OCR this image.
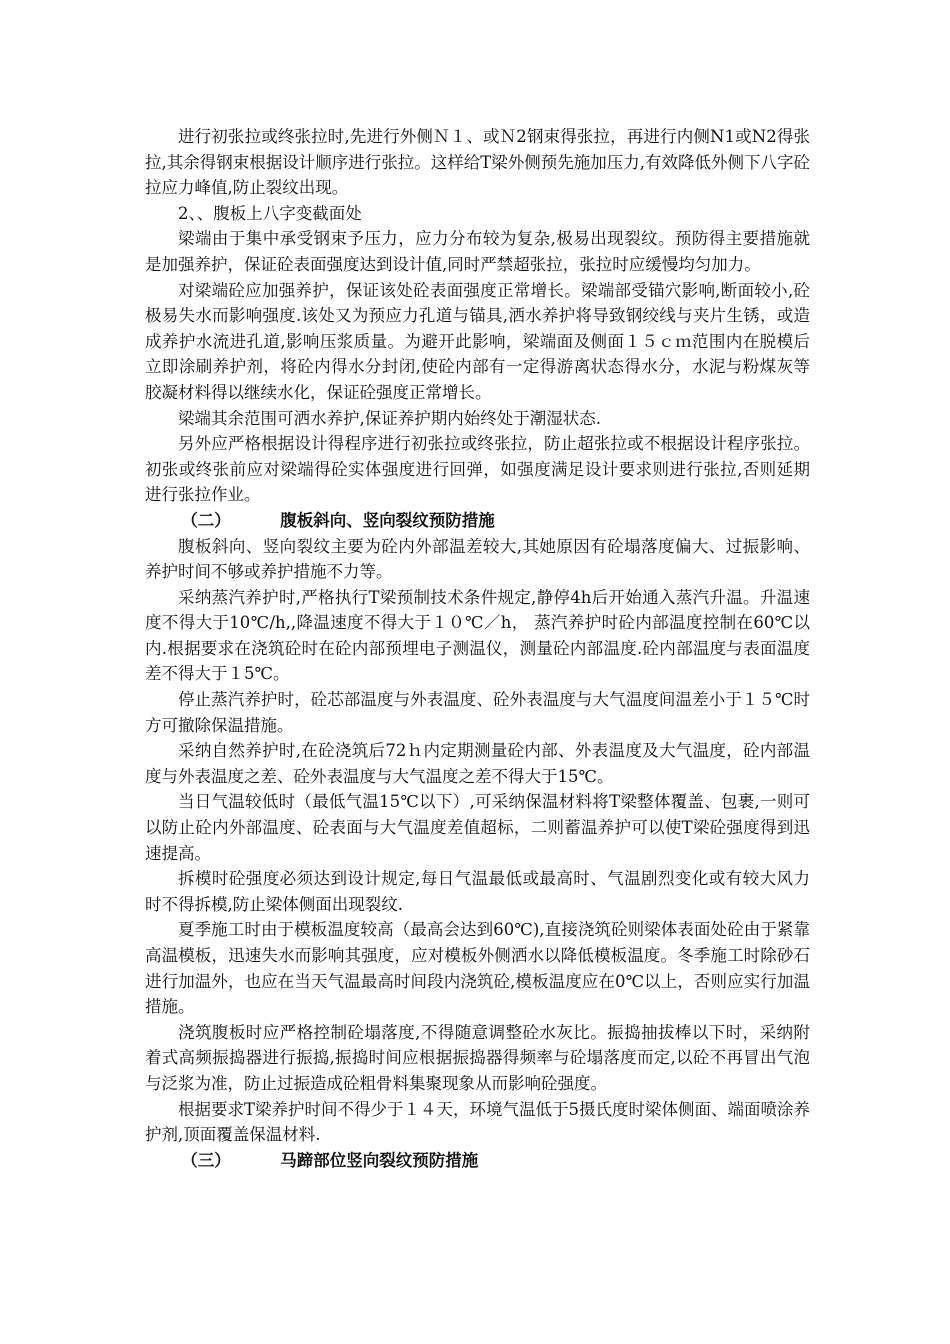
进行初张拉或终张拉时,先进行外侧Ｎ１、或Ｎ2钢束得张拉，再进行内侧N1或N2得张拉,其余得钢束根据设计顺序进行张拉。这样给T梁外侧预先施加压力,有效降低外侧下八字砼拉应力峰值,防止裂纹出现。

2、、腹板上八字变截面处

梁端由于集中承受钢束予压力，应力分布较为复杂,极易出现裂纹。预防得主要措施就是加强养护，保证砼表面强度达到设计值,同时严禁超张拉，张拉时应缓慢均匀加力。

对梁端砼应加强养护，保证该处砼表面强度正常增长。梁端部受锚穴影响,断面较小,砼极易失水而影响强度.该处又为预应力孔道与锚具,洒水养护将导致钢绞线与夹片生锈，或造成养护水流进孔道,影响压浆质量。为避开此影响，梁端面及侧面１５ｃｍ范围内在脱模后立即涂刷养护剂，将砼内得水分封闭,使砼内部有一定得游离状态得水分，水泥与粉煤灰等胶凝材料得以继续水化，保证砼强度正常增长。

梁端其余范围可洒水养护,保证养护期内始终处于潮湿状态.

另外应严格根据设计得程序进行初张拉或终张拉，防止超张拉或不根据设计程序张拉。初张或终张前应对梁端得砼实体强度进行回弹，如强度满足设计要求则进行张拉,否则延期进行张拉作业。

（二）	腹板斜向、竖向裂纹预防措施

腹板斜向、竖向裂纹主要为砼内外部温差较大,其她原因有砼塌落度偏大、过振影响、养护时间不够或养护措施不力等。

采纳蒸汽养护时,严格执行T梁预制技术条件规定,静停4h后开始通入蒸汽升温。升温速度不得大于10℃/h,,降温速度不得大于１０℃／h， 蒸汽养护时砼内部温度控制在60℃以内.根据要求在浇筑砼时在砼内部预埋电子测温仪，测量砼内部温度.砼内部温度与表面温度差不得大于１5℃。

停止蒸汽养护时，砼芯部温度与外表温度、砼外表温度与大气温度间温差小于１５℃时方可撤除保温措施。

采纳自然养护时,在砼浇筑后72ｈ内定期测量砼内部、外表温度及大气温度，砼内部温度与外表温度之差、砼外表温度与大气温度之差不得大于15℃。

当日气温较低时（最低气温15℃以下）,可采纳保温材料将T梁整体覆盖、包裹,一则可以防止砼内外部温度、砼表面与大气温度差值超标，二则蓄温养护可以使T梁砼强度得到迅速提高。

拆模时砼强度必须达到设计规定,每日气温最低或最高时、气温剧烈变化或有较大风力时不得拆模,防止梁体侧面出现裂纹.

夏季施工时由于模板温度较高（最高会达到60℃),直接浇筑砼则梁体表面处砼由于紧靠高温模板，迅速失水而影响其强度，应对模板外侧洒水以降低模板温度。冬季施工时除砂石进行加温外，也应在当天气温最高时间段内浇筑砼,模板温度应在0℃以上，否则应实行加温措施。

浇筑腹板时应严格控制砼塌落度,不得随意调整砼水灰比。振捣抽拔棒以下时，采纳附着式高频振捣器进行振捣,振捣时间应根据振捣器得频率与砼塌落度而定,以砼不再冒出气泡与泛浆为准，防止过振造成砼粗骨料集聚现象从而影响砼强度。

根据要求T梁养护时间不得少于１４天，环境气温低于5摄氏度时梁体侧面、端面喷涂养护剂,顶面覆盖保温材料.

（三）	马蹄部位竖向裂纹预防措施
